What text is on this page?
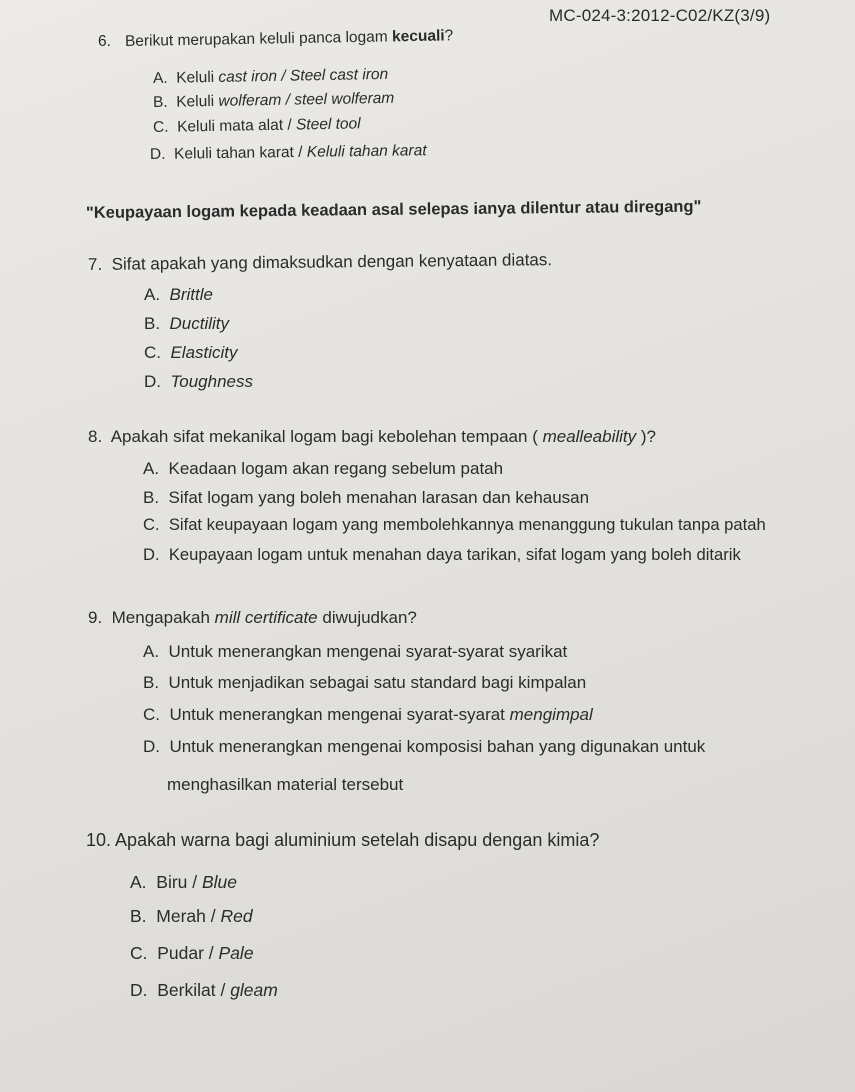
MC-024-3:2012-C02/KZ(3/9)
6. Berikut merupakan keluli panca logam kecuali?
A. Keluli cast iron / Steel cast iron
B. Keluli wolferam / steel wolferam
C. Keluli mata alat / Steel tool
D. Keluli tahan karat / Keluli tahan karat
"Keupayaan logam kepada keadaan asal selepas ianya dilentur atau diregang"
7. Sifat apakah yang dimaksudkan dengan kenyataan diatas.
A. Brittle
B. Ductility
C. Elasticity
D. Toughness
8. Apakah sifat mekanikal logam bagi kebolehan tempaan ( mealleability )?
A. Keadaan logam akan regang sebelum patah
B. Sifat logam yang boleh menahan larasan dan kehausan
C. Sifat keupayaan logam yang membolehkannya menanggung tukulan tanpa patah
D. Keupayaan logam untuk menahan daya tarikan, sifat logam yang boleh ditarik
9. Mengapakah mill certificate diwujudkan?
A. Untuk menerangkan mengenai syarat-syarat syarikat
B. Untuk menjadikan sebagai satu standard bagi kimpalan
C. Untuk menerangkan mengenai syarat-syarat mengimpal
D. Untuk menerangkan mengenai komposisi bahan yang digunakan untuk
menghasilkan material tersebut
10. Apakah warna bagi aluminium setelah disapu dengan kimia?
A. Biru / Blue
B. Merah / Red
C. Pudar / Pale
D. Berkilat / gleam
